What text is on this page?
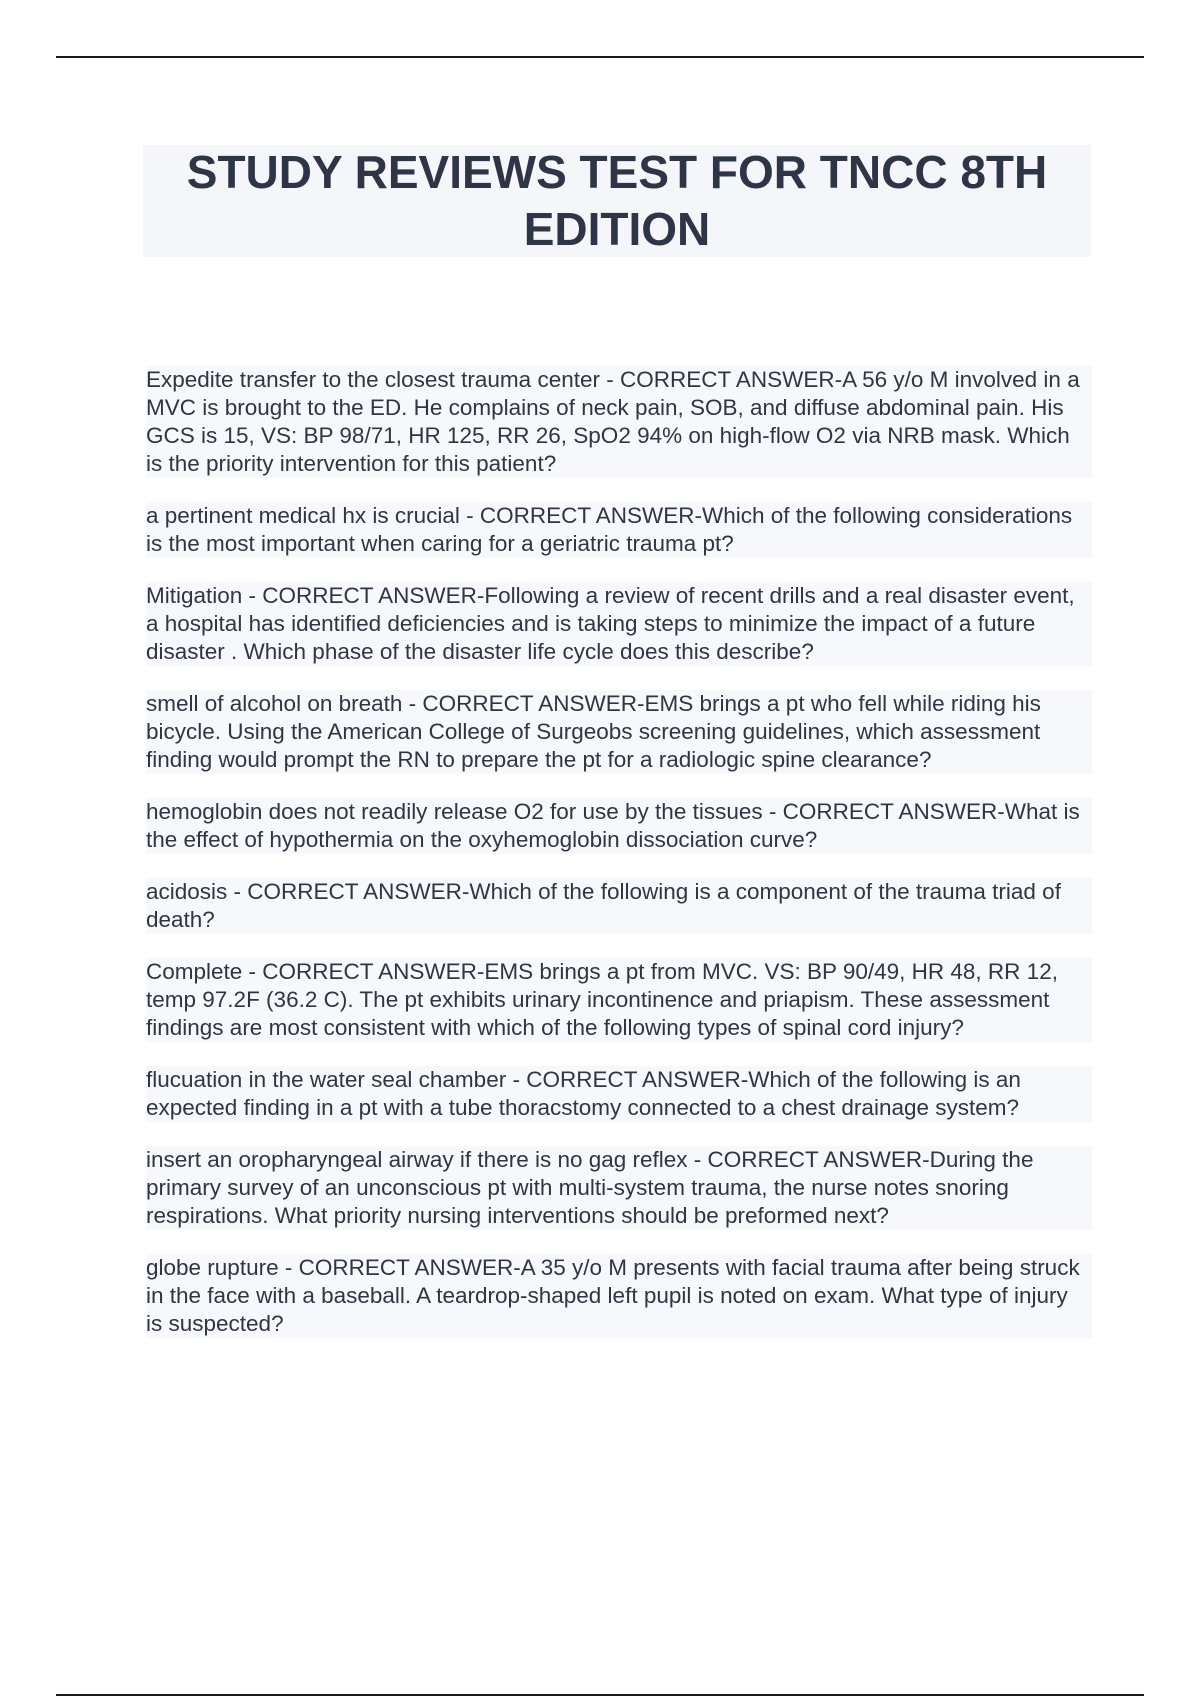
STUDY REVIEWS TEST FOR TNCC 8TH EDITION

Expedite transfer to the closest trauma center - CORRECT ANSWER-A 56 y/o M involved in a MVC is brought to the ED. He complains of neck pain, SOB, and diffuse abdominal pain. His GCS is 15, VS: BP 98/71, HR 125, RR 26, SpO2 94% on high-flow O2 via NRB mask. Which is the priority intervention for this patient?

a pertinent medical hx is crucial - CORRECT ANSWER-Which of the following considerations is the most important when caring for a geriatric trauma pt?

Mitigation - CORRECT ANSWER-Following a review of recent drills and a real disaster event, a hospital has identified deficiencies and is taking steps to minimize the impact of a future disaster . Which phase of the disaster life cycle does this describe?

smell of alcohol on breath - CORRECT ANSWER-EMS brings a pt who fell while riding his bicycle. Using the American College of Surgeobs screening guidelines, which assessment finding would prompt the RN to prepare the pt for a radiologic spine clearance?

hemoglobin does not readily release O2 for use by the tissues - CORRECT ANSWER-What is the effect of hypothermia on the oxyhemoglobin dissociation curve?

acidosis - CORRECT ANSWER-Which of the following is a component of the trauma triad of death?

Complete - CORRECT ANSWER-EMS brings a pt from MVC. VS: BP 90/49, HR 48, RR 12, temp 97.2F (36.2 C). The pt exhibits urinary incontinence and priapism. These assessment findings are most consistent with which of the following types of spinal cord injury?

flucuation in the water seal chamber - CORRECT ANSWER-Which of the following is an expected finding in a pt with a tube thoracstomy connected to a chest drainage system?

insert an oropharyngeal airway if there is no gag reflex - CORRECT ANSWER-During the primary survey of an unconscious pt with multi-system trauma, the nurse notes snoring respirations. What priority nursing interventions should be preformed next?

globe rupture - CORRECT ANSWER-A 35 y/o M presents with facial trauma after being struck in the face with a baseball. A teardrop-shaped left pupil is noted on exam. What type of injury is suspected?
